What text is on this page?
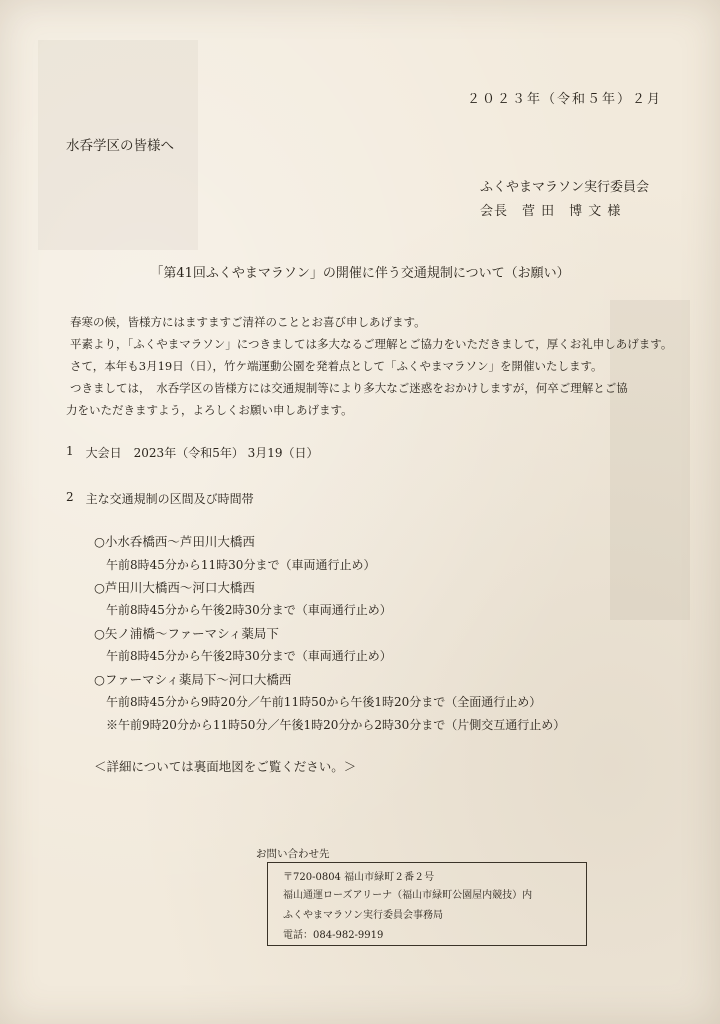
２０２３年（令和５年）２月
水呑学区の皆様へ
ふくやまマラソン実行委員会
会長　菅 田　博 文 様
「第41回ふくやまマラソン」の開催に伴う交通規制について（お願い）
春寒の候，皆様方にはますますご清祥のこととお喜び申しあげます。
平素より，「ふくやまマラソン」につきましては多大なるご理解とご協力をいただきまして，厚くお礼申しあげます。
さて，本年も3月19日（日），竹ケ端運動公園を発着点として「ふくやまマラソン」を開催いたします。
つきましては，　水呑学区の皆様方には交通規制等により多大なご迷惑をおかけしますが，何卒ご理解とご協
力をいただきますよう，よろしくお願い申しあげます。
1 大会日 2023年（令和5年） 3月19（日）
2 主な交通規制の区間及び時間帯
○小水呑橋西～芦田川大橋西
午前8時45分から11時30分まで（車両通行止め）
○芦田川大橋西～河口大橋西
午前8時45分から午後2時30分まで（車両通行止め）
○矢ノ浦橋～ファーマシィ薬局下
午前8時45分から午後2時30分まで（車両通行止め）
○ファーマシィ薬局下～河口大橋西
午前8時45分から9時20分／午前11時50から午後1時20分まで（全面通行止め）
※午前9時20分から11時50分／午後1時20分から2時30分まで（片側交互通行止め）
＜詳細については裏面地図をご覧ください。＞
お問い合わせ先
〒720-0804 福山市緑町２番２号
福山通運ローズアリーナ（福山市緑町公園屋内競技）内
ふくやまマラソン実行委員会事務局
電話：084-982-9919
